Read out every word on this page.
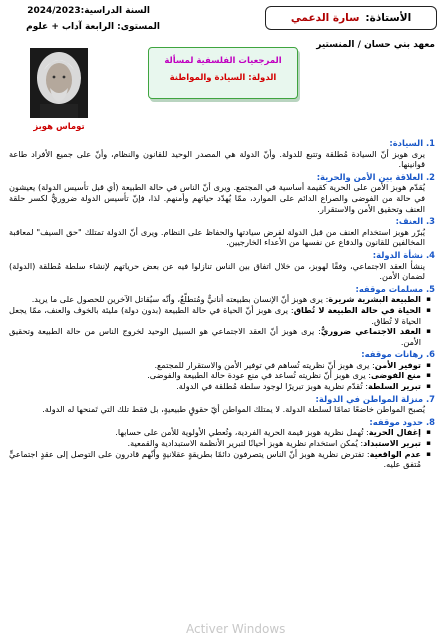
الأستاذة:
سارة الدعمي
معهد بني حسان / المنستير
السنة الدراسية:2024/2023
المستوى: الرابعة آداب + علوم
المرجعيات الفلسفية لمسألة
الدولة: السيادة والمواطنة
توماس هوبز
1. السيادة:
يرى هوبز أنّ السيادة مُطلقة وتتبع للدولة. وأنّ الدولة هي المصدر الوحيد للقانون والنظام، وأنّ على جميع الأفراد طاعة قوانينها.
2. العلاقة بين الأمن والحرية:
يُقدّم هوبز الأمن على الحرية كقيمة أساسية في المجتمع. ويرى أنّ الناس في حالة الطبيعة (أي قبل تأسيس الدولة) يعيشون في حالة من الفوضى والصراع الدائم على الموارد، ممّا يُهدّد حياتهم وأمنهم. لذا، فإنّ تأسيس الدولة ضروريٌّ لكسر حلقة العنف وتحقيق الأمن والاستقرار.
3. العنف:
يُبرّر هوبز استخدام العنف من قبل الدولة لفرض سيادتها والحفاظ على النظام. ويرى أنّ الدولة تمتلك "حق السيف" لمعاقبة المخالفين للقانون والدفاع عن نفسها من الأعداء الخارجيين.
4. نشأة الدولة:
ينشأ العقد الاجتماعي، وفقًا لهوبز، من خلال اتفاق بين الناس تنازلوا فيه عن بعض حرياتهم لإنشاء سلطة مُطلقة (الدولة) لضمان الأمن.
5. مسلمات موقفه:
▪ الطبيعة البشرية شريرة: يرى هوبز أنّ الإنسان بطبيعته أنانيٌّ ومُتطلّعٌ، وأنّه سيُقاتل الآخرين للحصول على ما يريد.
▪ الحياة في حالة الطبيعة لا تُطاق: يرى هوبز أنّ الحياة في حالة الطبيعة (بدون دولة) مليئة بالخوف والعنف، ممّا يجعل الحياة لا تُطاق.
▪ العقد الاجتماعي ضروريٌّ: يرى هوبز أنّ العقد الاجتماعي هو السبيل الوحيد لخروج الناس من حالة الطبيعة وتحقيق الأمن.
6. رهانات موقفه:
▪ توفير الأمن: يرى هوبز أنّ نظريته تُساهم في توفير الأمن والاستقرار للمجتمع.
▪ منع الفوضى: يرى هوبز أنّ نظريته تُساعد في منع عودة حالة الطبيعة والفوضى.
▪ تبرير السلطة: تُقدّم نظرية هوبز تبريرًا لوجود سلطة مُطلقة في الدولة.
7. منزلة المواطن في الدولة:
يُصبح المواطن خاضعًا تمامًا لسلطة الدولة. لا يمتلك المواطن أيّ حقوقٍ طبيعيةٍ، بل فقط تلك التي تَمنحها له الدولة.
8. حدود موقفه:
▪ إغفال الحرية: تُهمل نظرية هوبز قيمة الحرية الفردية، وتُعطي الأولوية للأمن على حسابها.
▪ تبرير الاستبداد: يُمكن استخدام نظرية هوبز أحيانًا لتبرير الأنظمة الاستبدادية والقمعية.
▪ عدم الواقعية: تفترض نظرية هوبز أنّ الناس يتصرفون دائمًا بطريقةٍ عقلانيةٍ وأنّهم قادرون على التوصل إلى عقدٍ اجتماعيٍّ مُتفق عليه.
Activer Windows
